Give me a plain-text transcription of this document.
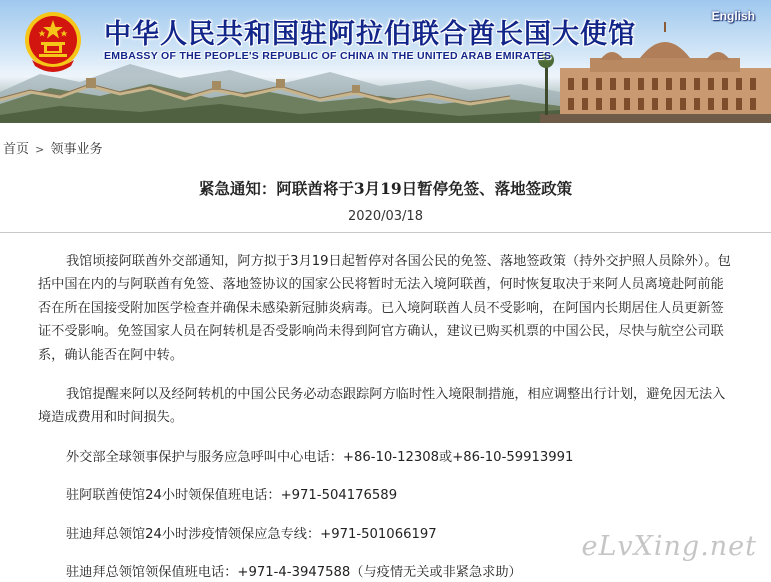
中华人民共和国驻阿拉伯联合酋长国大使馆
EMBASSY OF THE PEOPLE'S REPUBLIC OF CHINA IN THE UNITED ARAB EMIRATES
English
首页 > 领事业务
紧急通知：阿联酋将于3月19日暂停免签、落地签政策
2020/03/18

我馆顷接阿联酋外交部通知，阿方拟于3月19日起暂停对各国公民的免签、落地签政策（持外交护照人员除外）。包括中国在内的与阿联酋有免签、落地签协议的国家公民将暂时无法入境阿联酋，何时恢复取决于来阿人员离境赴阿前能否在所在国接受附加医学检查并确保未感染新冠肺炎病毒。已入境阿联酋人员不受影响，在阿国内长期居住人员更新签证不受影响。免签国家人员在阿转机是否受影响尚未得到阿官方确认，建议已购买机票的中国公民，尽快与航空公司联系，确认能否在阿中转。

我馆提醒来阿以及经阿转机的中国公民务必动态跟踪阿方临时性入境限制措施，相应调整出行计划，避免因无法入境造成费用和时间损失。

外交部全球领事保护与服务应急呼叫中心电话：+86-10-12308或+86-10-59913991

驻阿联酋使馆24小时领保值班电话：+971-504176589

驻迪拜总领馆24小时涉疫情领保应急专线：+971-501066197

驻迪拜总领馆领保值班电话：+971-4-3947588（与疫情无关或非紧急求助）

eLvXing.net
